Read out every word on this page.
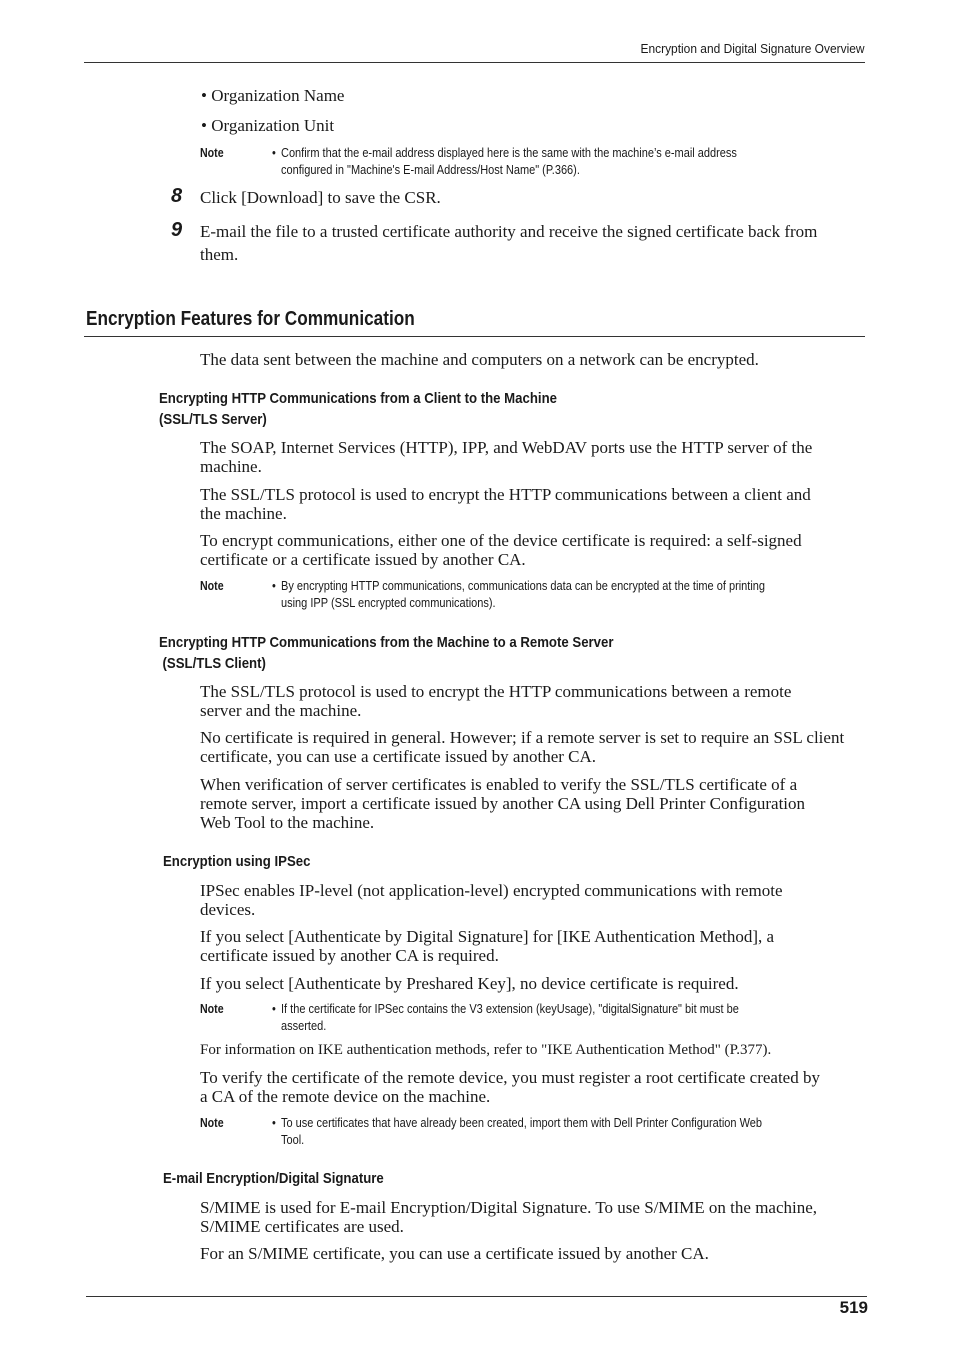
Encryption and Digital Signature Overview
• Organization Name
• Organization Unit
Note	• Confirm that the e-mail address displayed here is the same with the machine’s e-mail address
configured in "Machine's E-mail Address/Host Name" (P.366).
8 Click [Download] to save the CSR.
9 E-mail the file to a trusted certificate authority and receive the signed certificate back from
them.
Encryption Features for Communication
The data sent between the machine and computers on a network can be encrypted.
Encrypting HTTP Communications from a Client to the Machine
(SSL/TLS Server)
The SOAP, Internet Services (HTTP), IPP, and WebDAV ports use the HTTP server of the
machine.
The SSL/TLS protocol is used to encrypt the HTTP communications between a client and
the machine.
To encrypt communications, either one of the device certificate is required: a self-signed
certificate or a certificate issued by another CA.
Note	• By encrypting HTTP communications, communications data can be encrypted at the time of printing
using IPP (SSL encrypted communications).
Encrypting HTTP Communications from the Machine to a Remote Server
(SSL/TLS Client)
The SSL/TLS protocol is used to encrypt the HTTP communications between a remote
server and the machine.
No certificate is required in general. However; if a remote server is set to require an SSL client
certificate, you can use a certificate issued by another CA.
When verification of server certificates is enabled to verify the SSL/TLS certificate of a
remote server, import a certificate issued by another CA using Dell Printer Configuration
Web Tool to the machine.
Encryption using IPSec
IPSec enables IP-level (not application-level) encrypted communications with remote
devices.
If you select [Authenticate by Digital Signature] for [IKE Authentication Method], a
certificate issued by another CA is required.
If you select [Authenticate by Preshared Key], no device certificate is required.
Note	• If the certificate for IPSec contains the V3 extension (keyUsage), "digitalSignature" bit must be
asserted.
For information on IKE authentication methods, refer to "IKE Authentication Method" (P.377).
To verify the certificate of the remote device, you must register a root certificate created by
a CA of the remote device on the machine.
Note	• To use certificates that have already been created, import them with Dell Printer Configuration Web
Tool.
E-mail Encryption/Digital Signature
S/MIME is used for E-mail Encryption/Digital Signature. To use S/MIME on the machine,
S/MIME certificates are used.
For an S/MIME certificate, you can use a certificate issued by another CA.
519
